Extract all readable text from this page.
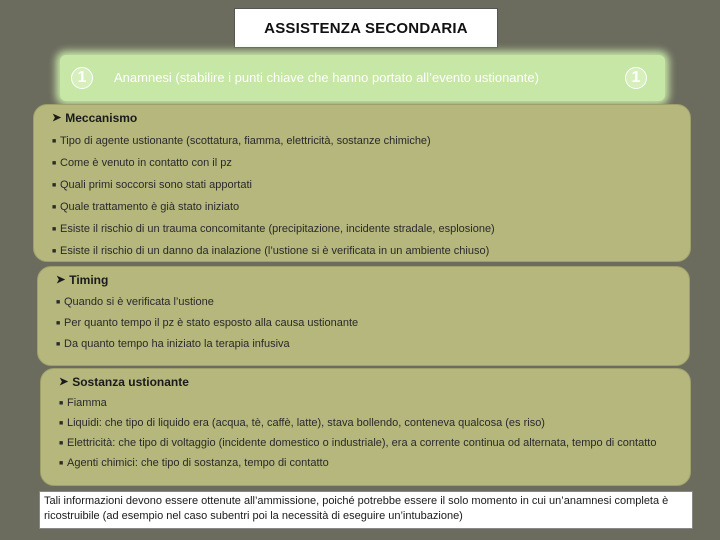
ASSISTENZA SECONDARIA
1	Anamnesi (stabilire i punti chiave che hanno portato all’evento ustionante)	1
➤ Meccanismo
■ Tipo di agente ustionante (scottatura, fiamma, elettricità, sostanze chimiche)
■ Come è venuto in contatto con il pz
■ Quali primi soccorsi sono stati apportati
■ Quale trattamento è già stato iniziato
■ Esiste il rischio di un trauma concomitante (precipitazione, incidente stradale, esplosione)
■ Esiste il rischio di un danno da inalazione (l’ustione si è verificata in un ambiente chiuso)
➤ Timing
■ Quando si è verificata l’ustione
■ Per quanto tempo il pz è stato esposto alla causa ustionante
■ Da quanto tempo ha iniziato la terapia infusiva
➤ Sostanza ustionante
■ Fiamma
■ Liquidi: che tipo di liquido era (acqua, tè, caffè, latte), stava bollendo, conteneva qualcosa (es riso)
■ Elettricità: che tipo di voltaggio (incidente domestico o industriale), era a corrente continua od alternata, tempo di contatto
■ Agenti chimici: che tipo di sostanza, tempo di contatto
Tali informazioni devono essere ottenute all’ammissione, poiché potrebbe essere il solo momento in cui un’anamnesi completa è ricostruibile (ad esempio nel caso subentri poi la necessità di eseguire un’intubazione)
